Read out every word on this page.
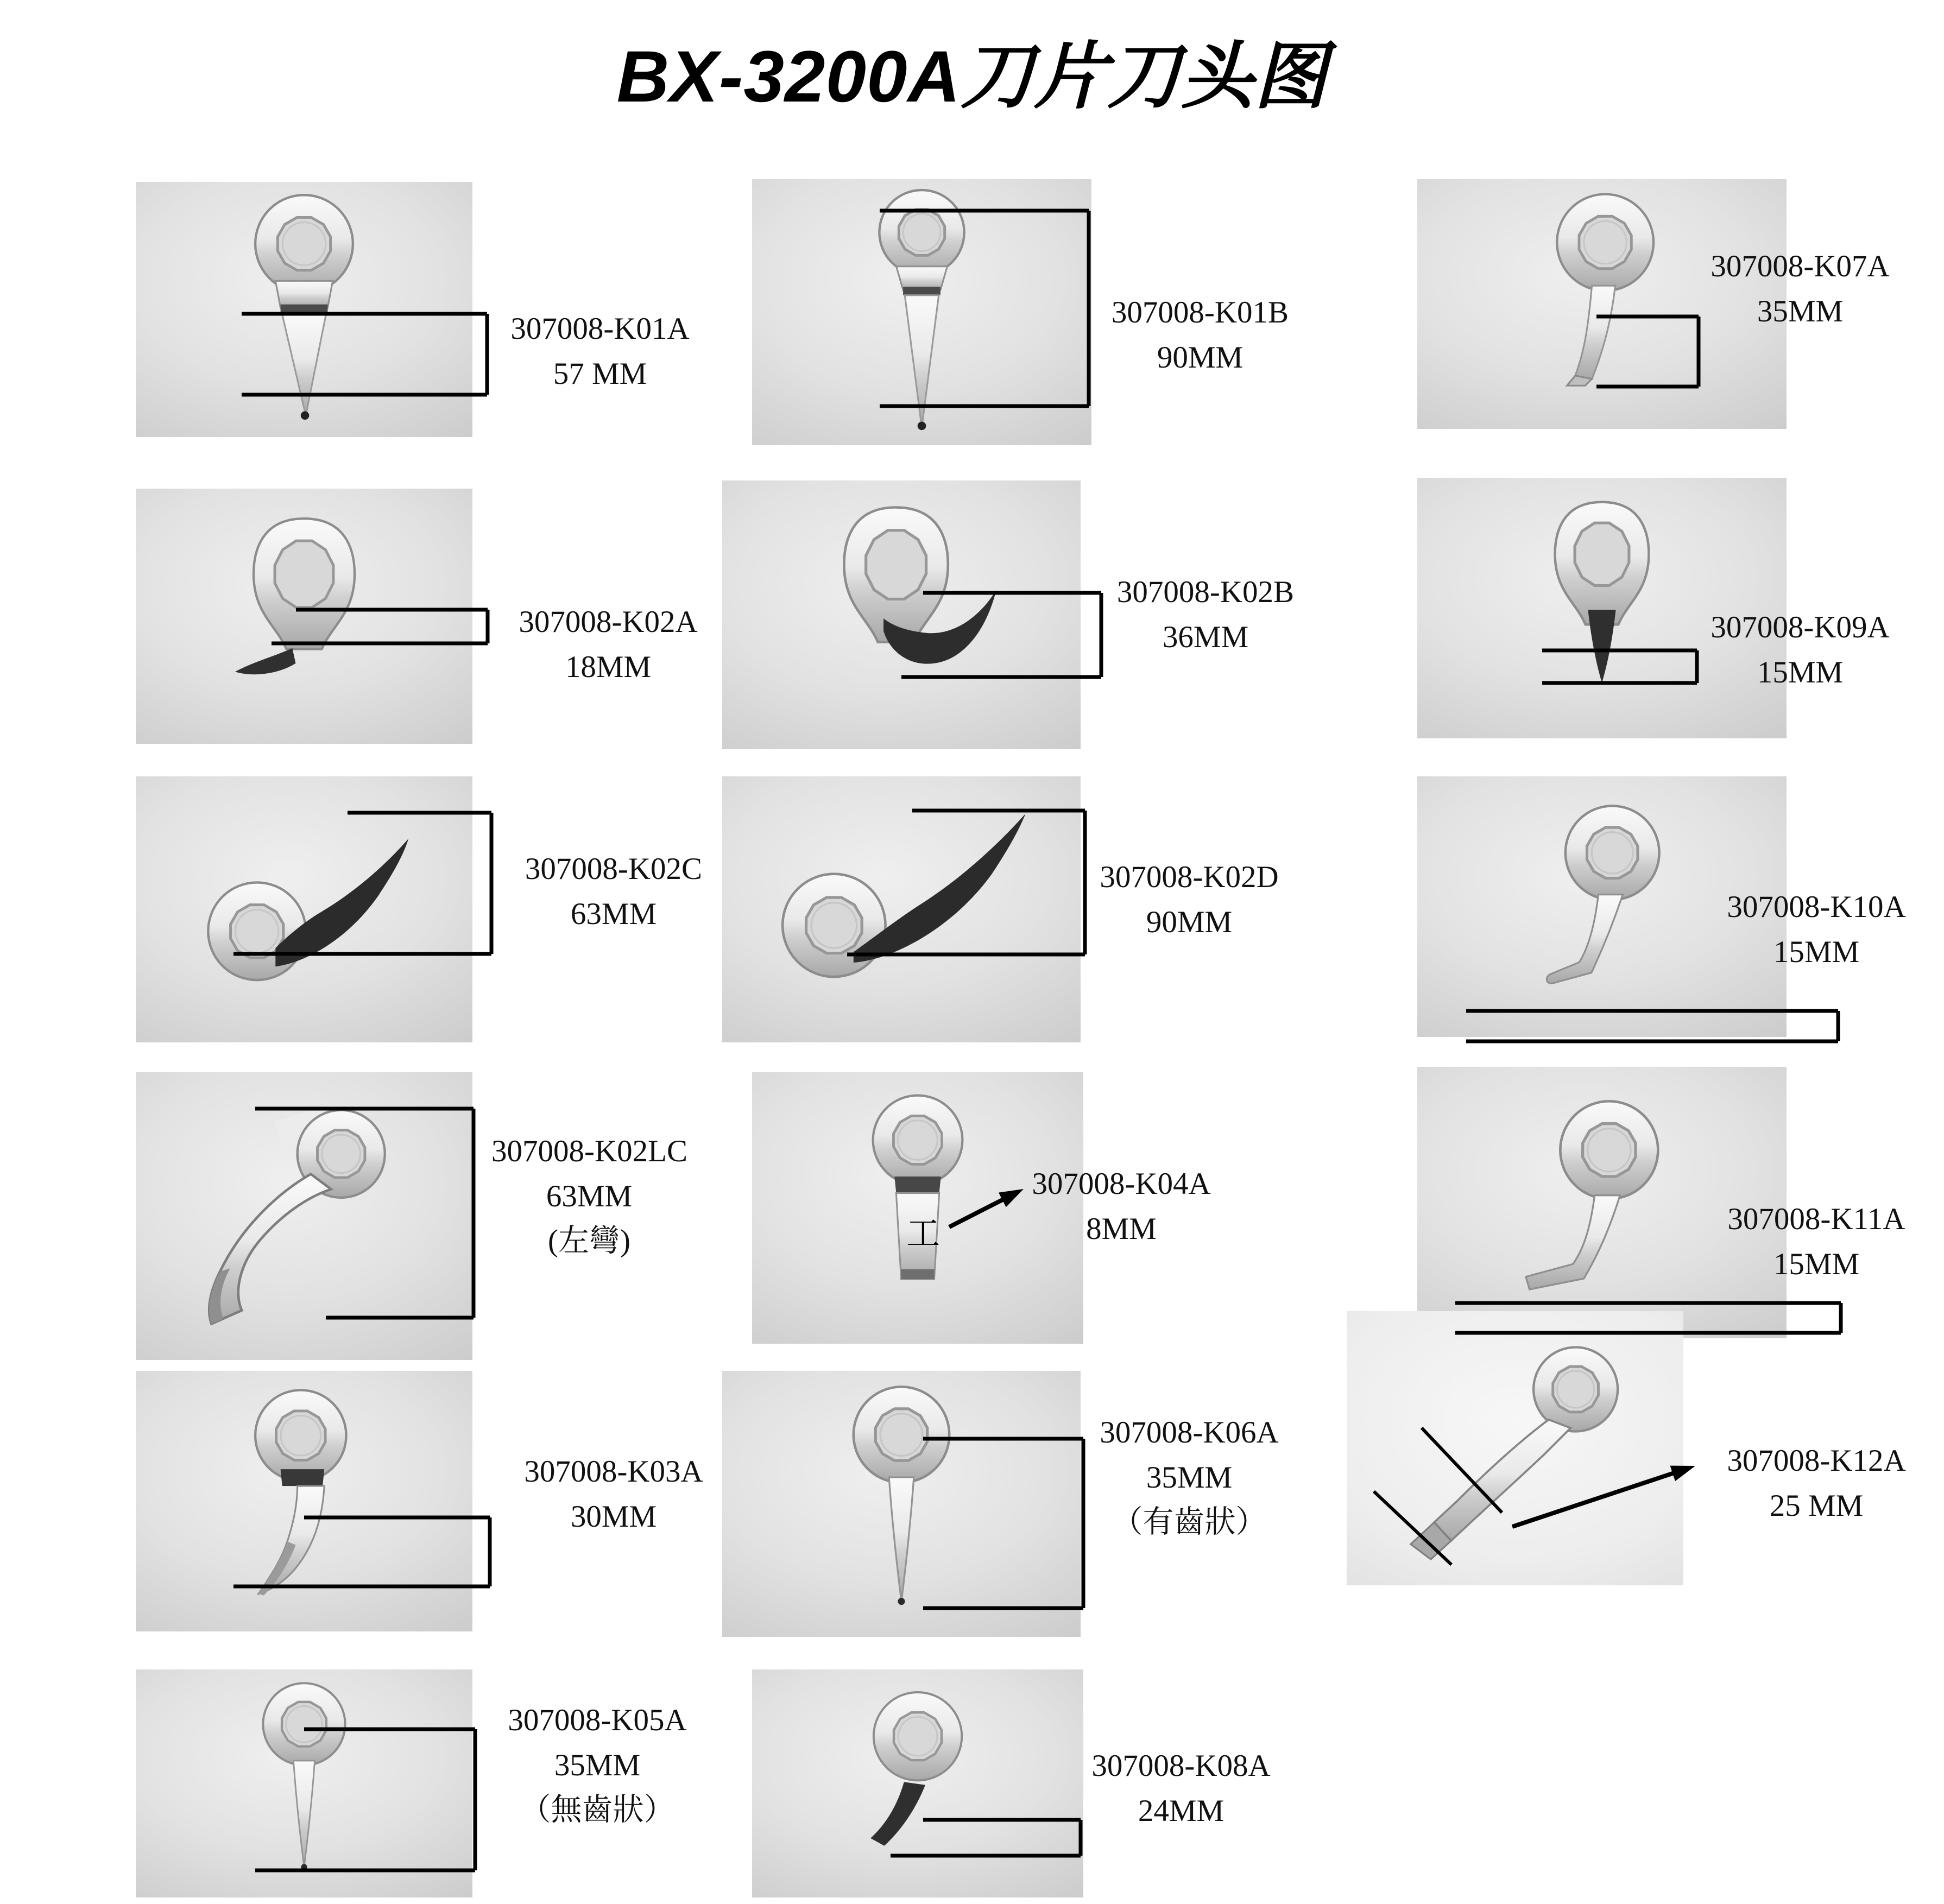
BX-3200A刀片刀头图
307008-K01A
57 MM
307008-K01B
90MM
307008-K07A
35MM
307008-K02A
18MM
307008-K02B
36MM	307008-K09A
15MM
307008-K02C
63MM
307008-K02D
90MM	307008-K10A
15MM
307008-K02LC
63MM
(左彎)
307008-K04A
8MM
工	307008-K11A
15MM
307008-K03A
30MM
307008-K06A
35MM
（有齒狀）
307008-K12A
25 MM
307008-K05A
35MM
（無齒狀）
307008-K08A
24MM
